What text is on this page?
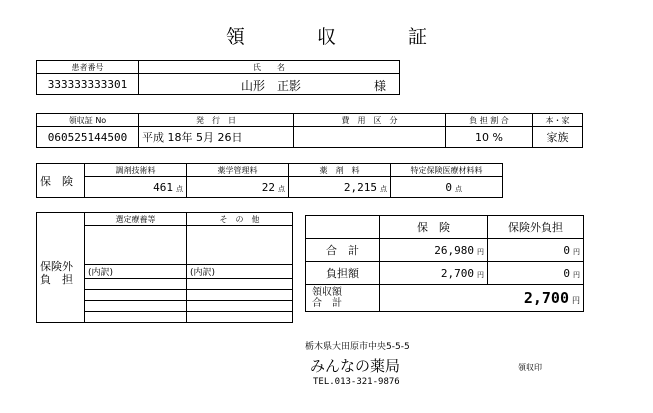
領	収	証
患者番号	氏　　名
333333333301	山形　正影 様
領収証 No	発　行　日	費　用　区　分	負 担 割 合	本・家
060525144500	平成 18年 5月 26日		10 %	家族
保　険	調剤技術料	薬学管理料	薬　剤　料	特定保険医療材料料
	461 点	22 点	2,215 点	0 点
保険外
負　担	選定療養等	そ　の　他

	(内訳)	(内訳)

	保　険	保険外負担
合　計	26,980 円	0 円
負担額	2,700 円	0 円

領収額
合　計	2,700 円	
栃木県大田原市中央5-5-5
みんなの薬局
TEL.013-321-9876
領収印
